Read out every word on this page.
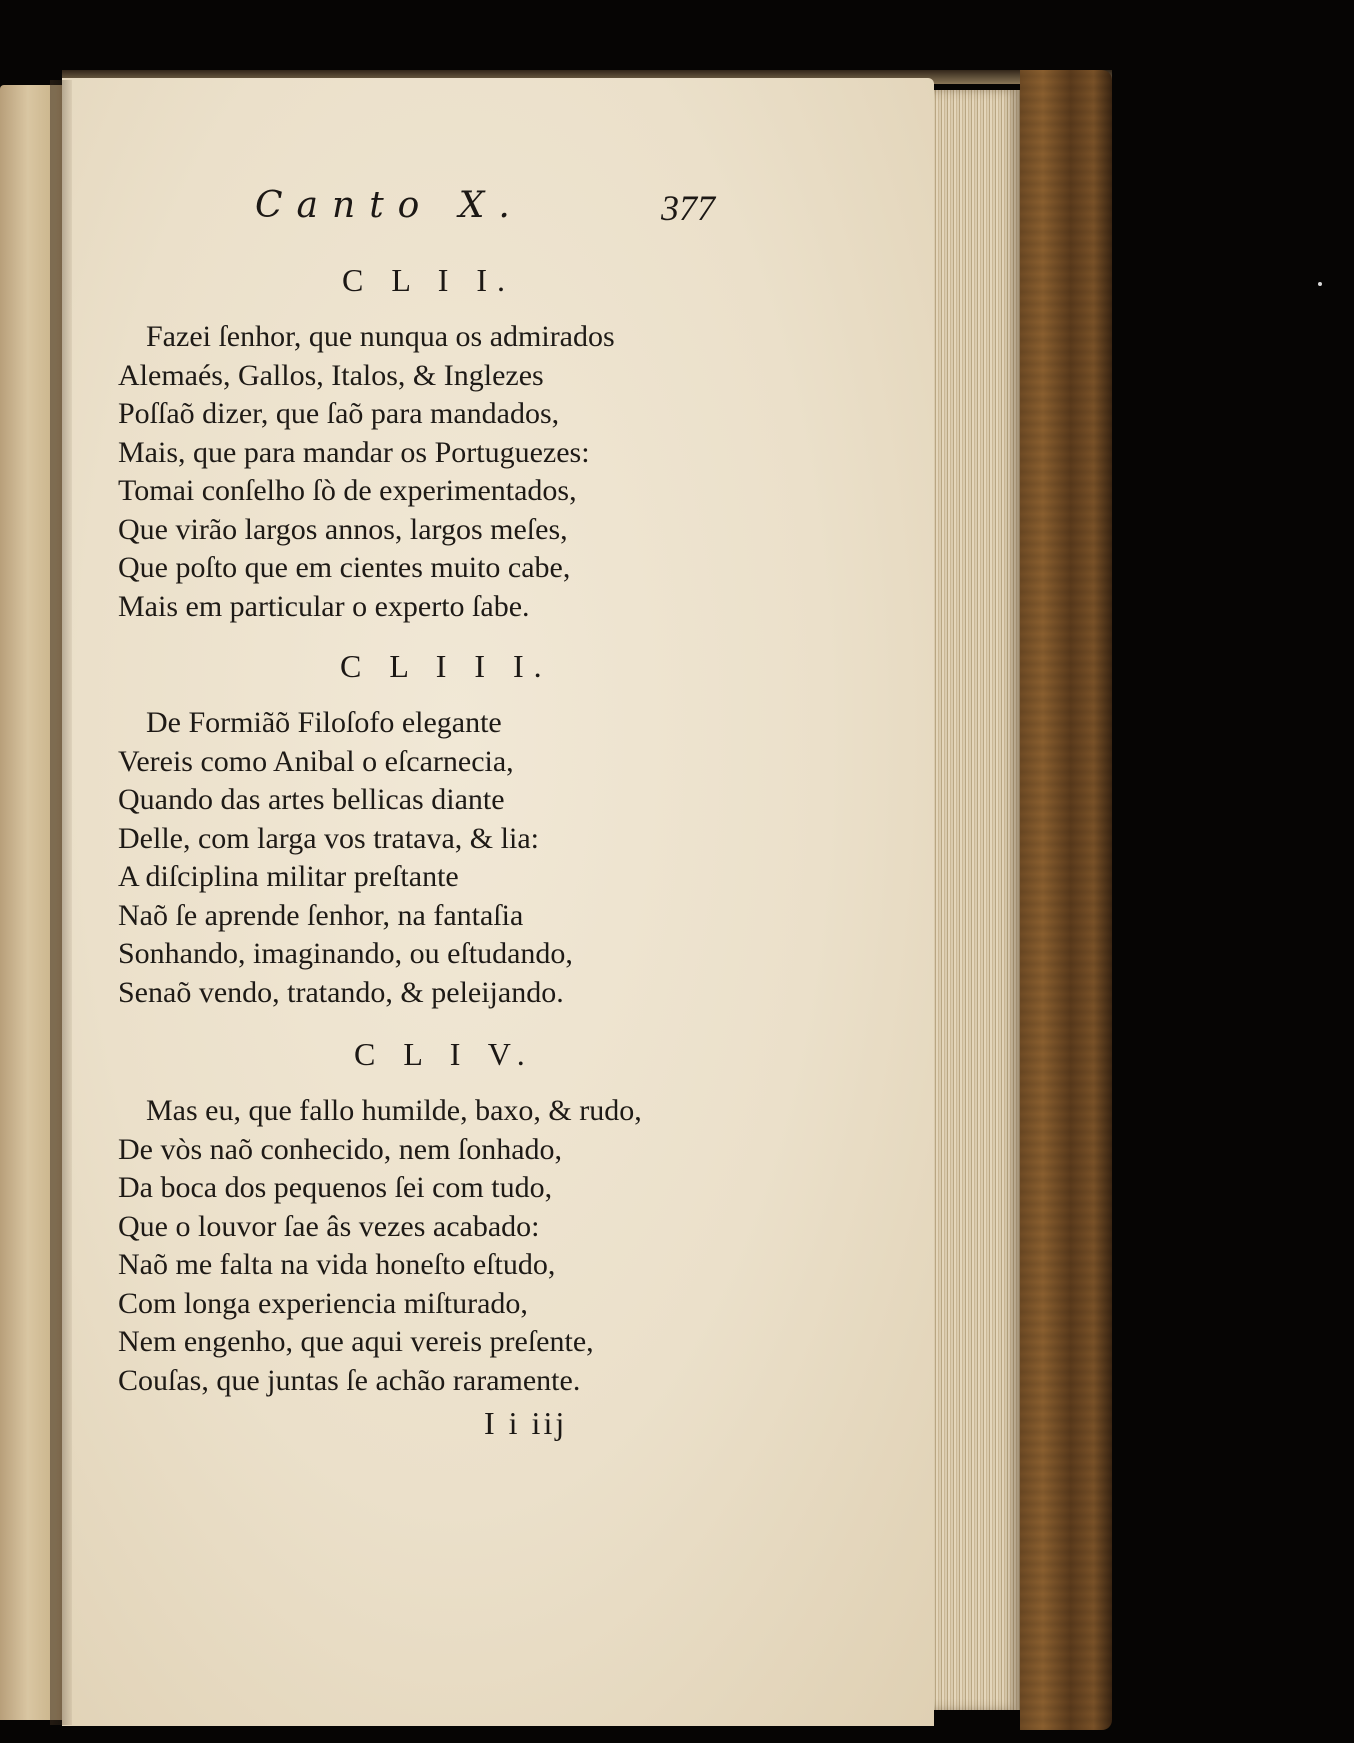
Canto X.	377
C L I I.
Fazei ſenhor, que nunqua os admirados
Alemaés, Gallos, Italos, & Inglezes
Poſſaõ dizer, que ſaõ para mandados,
Mais, que para mandar os Portuguezes:
Tomai conſelho ſò de experimentados,
Que virão largos annos, largos meſes,
Que poſto que em cientes muito cabe,
Mais em particular o experto ſabe.
C L I I I.
De Formiãõ Filoſofo elegante
Vereis como Anibal o eſcarnecia,
Quando das artes bellicas diante
Delle, com larga vos tratava, & lia:
A diſciplina militar preſtante
Naõ ſe aprende ſenhor, na fantaſia
Sonhando, imaginando, ou eſtudando,
Senaõ vendo, tratando, & peleijando.
C L I V.
Mas eu, que fallo humilde, baxo, & rudo,
De vòs naõ conhecido, nem ſonhado,
Da boca dos pequenos ſei com tudo,
Que o louvor ſae âs vezes acabado:
Naõ me falta na vida honeſto eſtudo,
Com longa experiencia miſturado,
Nem engenho, que aqui vereis preſente,
Couſas, que juntas ſe achão raramente.
I i iij
